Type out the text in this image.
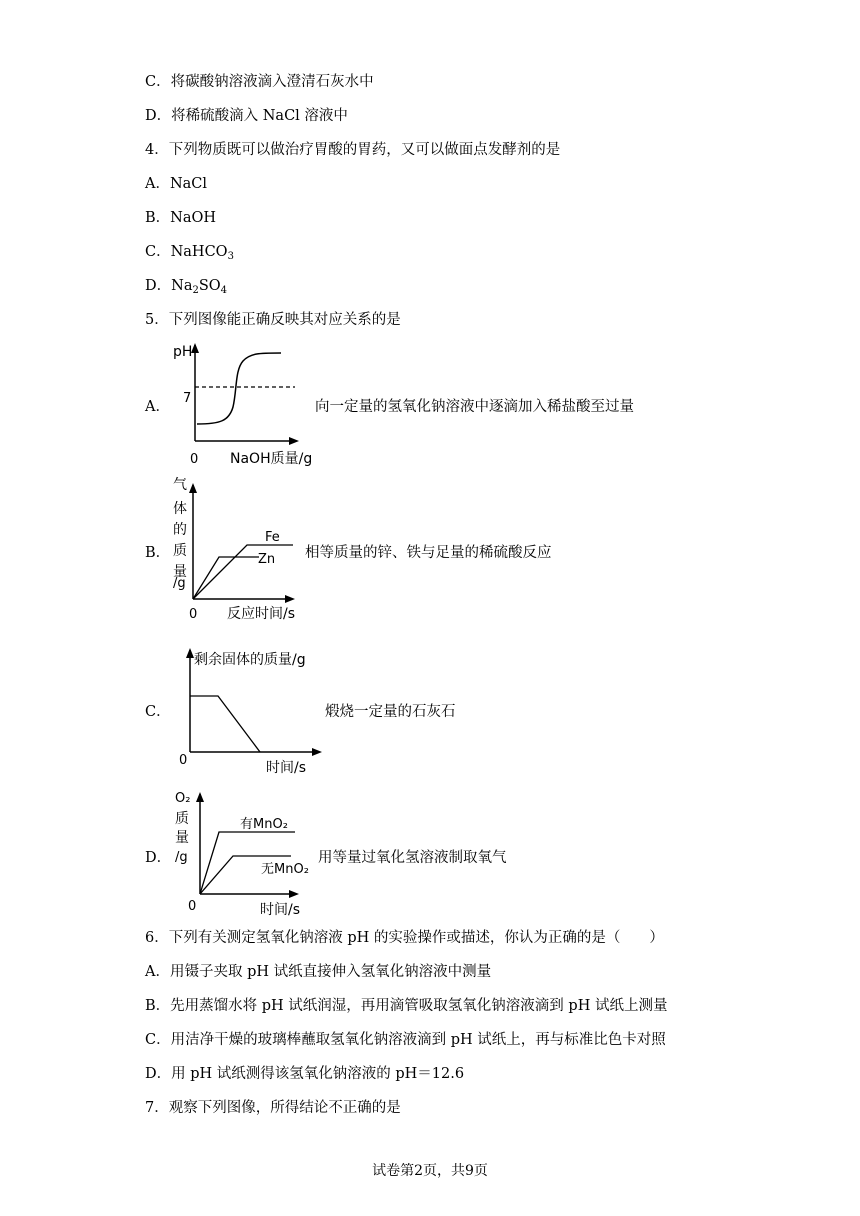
C．将碳酸钠溶液滴入澄清石灰水中
D．将稀硫酸滴入 NaCl 溶液中
4．下列物质既可以做治疗胃酸的胃药，又可以做面点发酵剂的是
A．NaCl
B．NaOH
C．NaHCO$_3$
D．$Na_2SO_4$
5．下列图像能正确反映其对应关系的是
A．
pH
7
0 NaOH质量/g
向一定量的氢氧化钠溶液中逐滴加入稀盐酸至过量
B．
气
体
的
质
量
/g
Fe
Zn
0 反应时间/s
相等质量的锌、铁与足量的稀硫酸反应
C．
剩余固体的质量/g
0	时间/s
煅烧一定量的石灰石
D．
O₂
质
量
/g
有MnO₂
无MnO₂
0	时间/s
用等量过氧化氢溶液制取氧气
6．下列有关测定氢氧化钠溶液 pH 的实验操作或描述，你认为正确的是（　　）
A．用镊子夹取 pH 试纸直接伸入氢氧化钠溶液中测量
B．先用蒸馏水将 pH 试纸润湿，再用滴管吸取氢氧化钠溶液滴到 pH 试纸上测量
C．用洁净干燥的玻璃棒蘸取氢氧化钠溶液滴到 pH 试纸上，再与标准比色卡对照
D．用 pH 试纸测得该氢氧化钠溶液的 pH＝12.6
7．观察下列图像，所得结论不正确的是
试卷第2页，共9页
